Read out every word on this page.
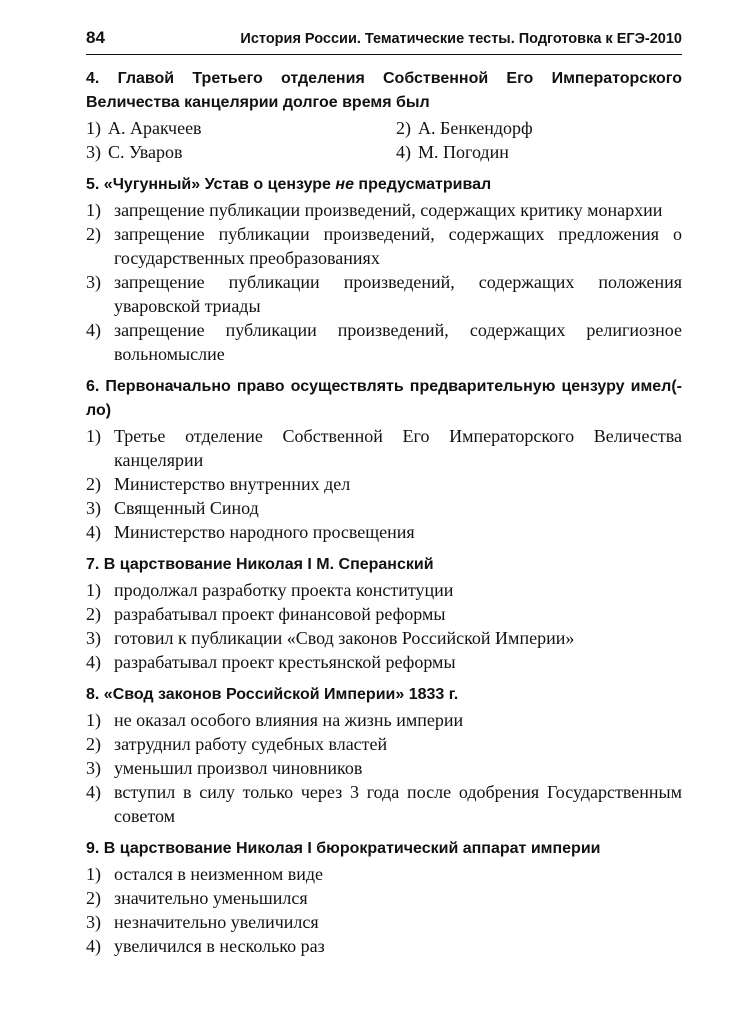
84	История России. Тематические тесты. Подготовка к ЕГЭ-2010
4. Главой Третьего отделения Собственной Его Императорского Величества канцелярии долгое время был
1) А. Аракчеев	2) А. Бенкендорф
3) С. Уваров	4) М. Погодин
5. «Чугунный» Устав о цензуре не предусматривал
1) запрещение публикации произведений, содержащих критику монархии
2) запрещение публикации произведений, содержащих предложения о государственных преобразованиях
3) запрещение публикации произведений, содержащих положения уваровской триады
4) запрещение публикации произведений, содержащих религиозное вольномыслие
6. Первоначально право осуществлять предварительную цензуру имел(-ло)
1) Третье отделение Собственной Его Императорского Величества канцелярии
2) Министерство внутренних дел
3) Священный Синод
4) Министерство народного просвещения
7. В царствование Николая I М. Сперанский
1) продолжал разработку проекта конституции
2) разрабатывал проект финансовой реформы
3) готовил к публикации «Свод законов Российской Империи»
4) разрабатывал проект крестьянской реформы
8. «Свод законов Российской Империи» 1833 г.
1) не оказал особого влияния на жизнь империи
2) затруднил работу судебных властей
3) уменьшил произвол чиновников
4) вступил в силу только через 3 года после одобрения Государственным советом
9. В царствование Николая I бюрократический аппарат империи
1) остался в неизменном виде
2) значительно уменьшился
3) незначительно увеличился
4) увеличился в несколько раз
